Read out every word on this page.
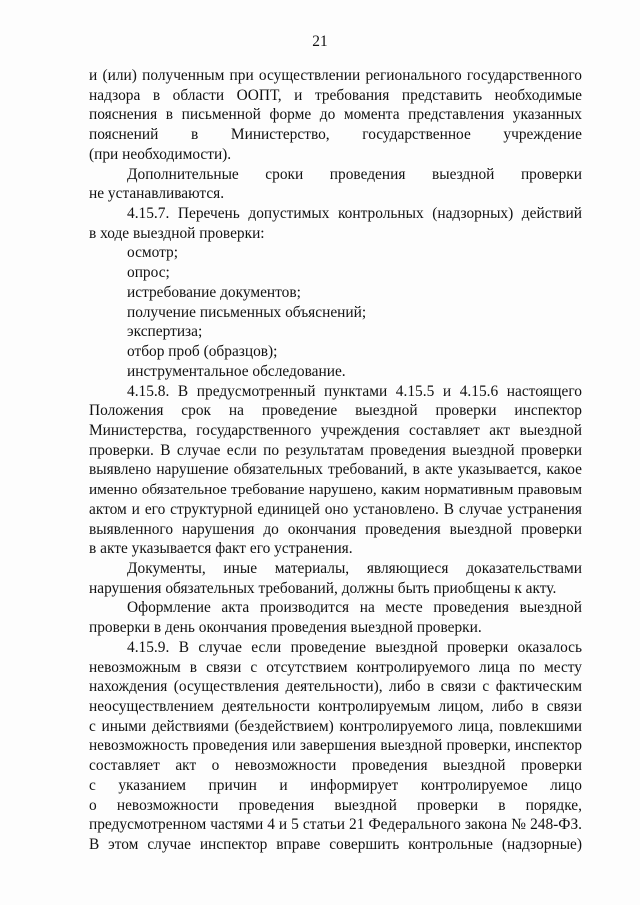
21
и (или) полученным при осуществлении регионального государственного
надзора в области ООПТ, и требования представить необходимые
пояснения в письменной форме до момента представления указанных
пояснений в Министерство, государственное учреждение
(при необходимости).
Дополнительные сроки проведения выездной проверки
не устанавливаются.
4.15.7. Перечень допустимых контрольных (надзорных) действий
в ходе выездной проверки:
осмотр;
опрос;
истребование документов;
получение письменных объяснений;
экспертиза;
отбор проб (образцов);
инструментальное обследование.
4.15.8. В предусмотренный пунктами 4.15.5 и 4.15.6 настоящего
Положения срок на проведение выездной проверки инспектор
Министерства, государственного учреждения составляет акт выездной
проверки. В случае если по результатам проведения выездной проверки
выявлено нарушение обязательных требований, в акте указывается, какое
именно обязательное требование нарушено, каким нормативным правовым
актом и его структурной единицей оно установлено. В случае устранения
выявленного нарушения до окончания проведения выездной проверки
в акте указывается факт его устранения.
Документы, иные материалы, являющиеся доказательствами
нарушения обязательных требований, должны быть приобщены к акту.
Оформление акта производится на месте проведения выездной
проверки в день окончания проведения выездной проверки.
4.15.9. В случае если проведение выездной проверки оказалось
невозможным в связи с отсутствием контролируемого лица по месту
нахождения (осуществления деятельности), либо в связи с фактическим
неосуществлением деятельности контролируемым лицом, либо в связи
с иными действиями (бездействием) контролируемого лица, повлекшими
невозможность проведения или завершения выездной проверки, инспектор
составляет акт о невозможности проведения выездной проверки
с указанием причин и информирует контролируемое лицо
о невозможности проведения выездной проверки в порядке,
предусмотренном частями 4 и 5 статьи 21 Федерального закона № 248-ФЗ.
В этом случае инспектор вправе совершить контрольные (надзорные)
